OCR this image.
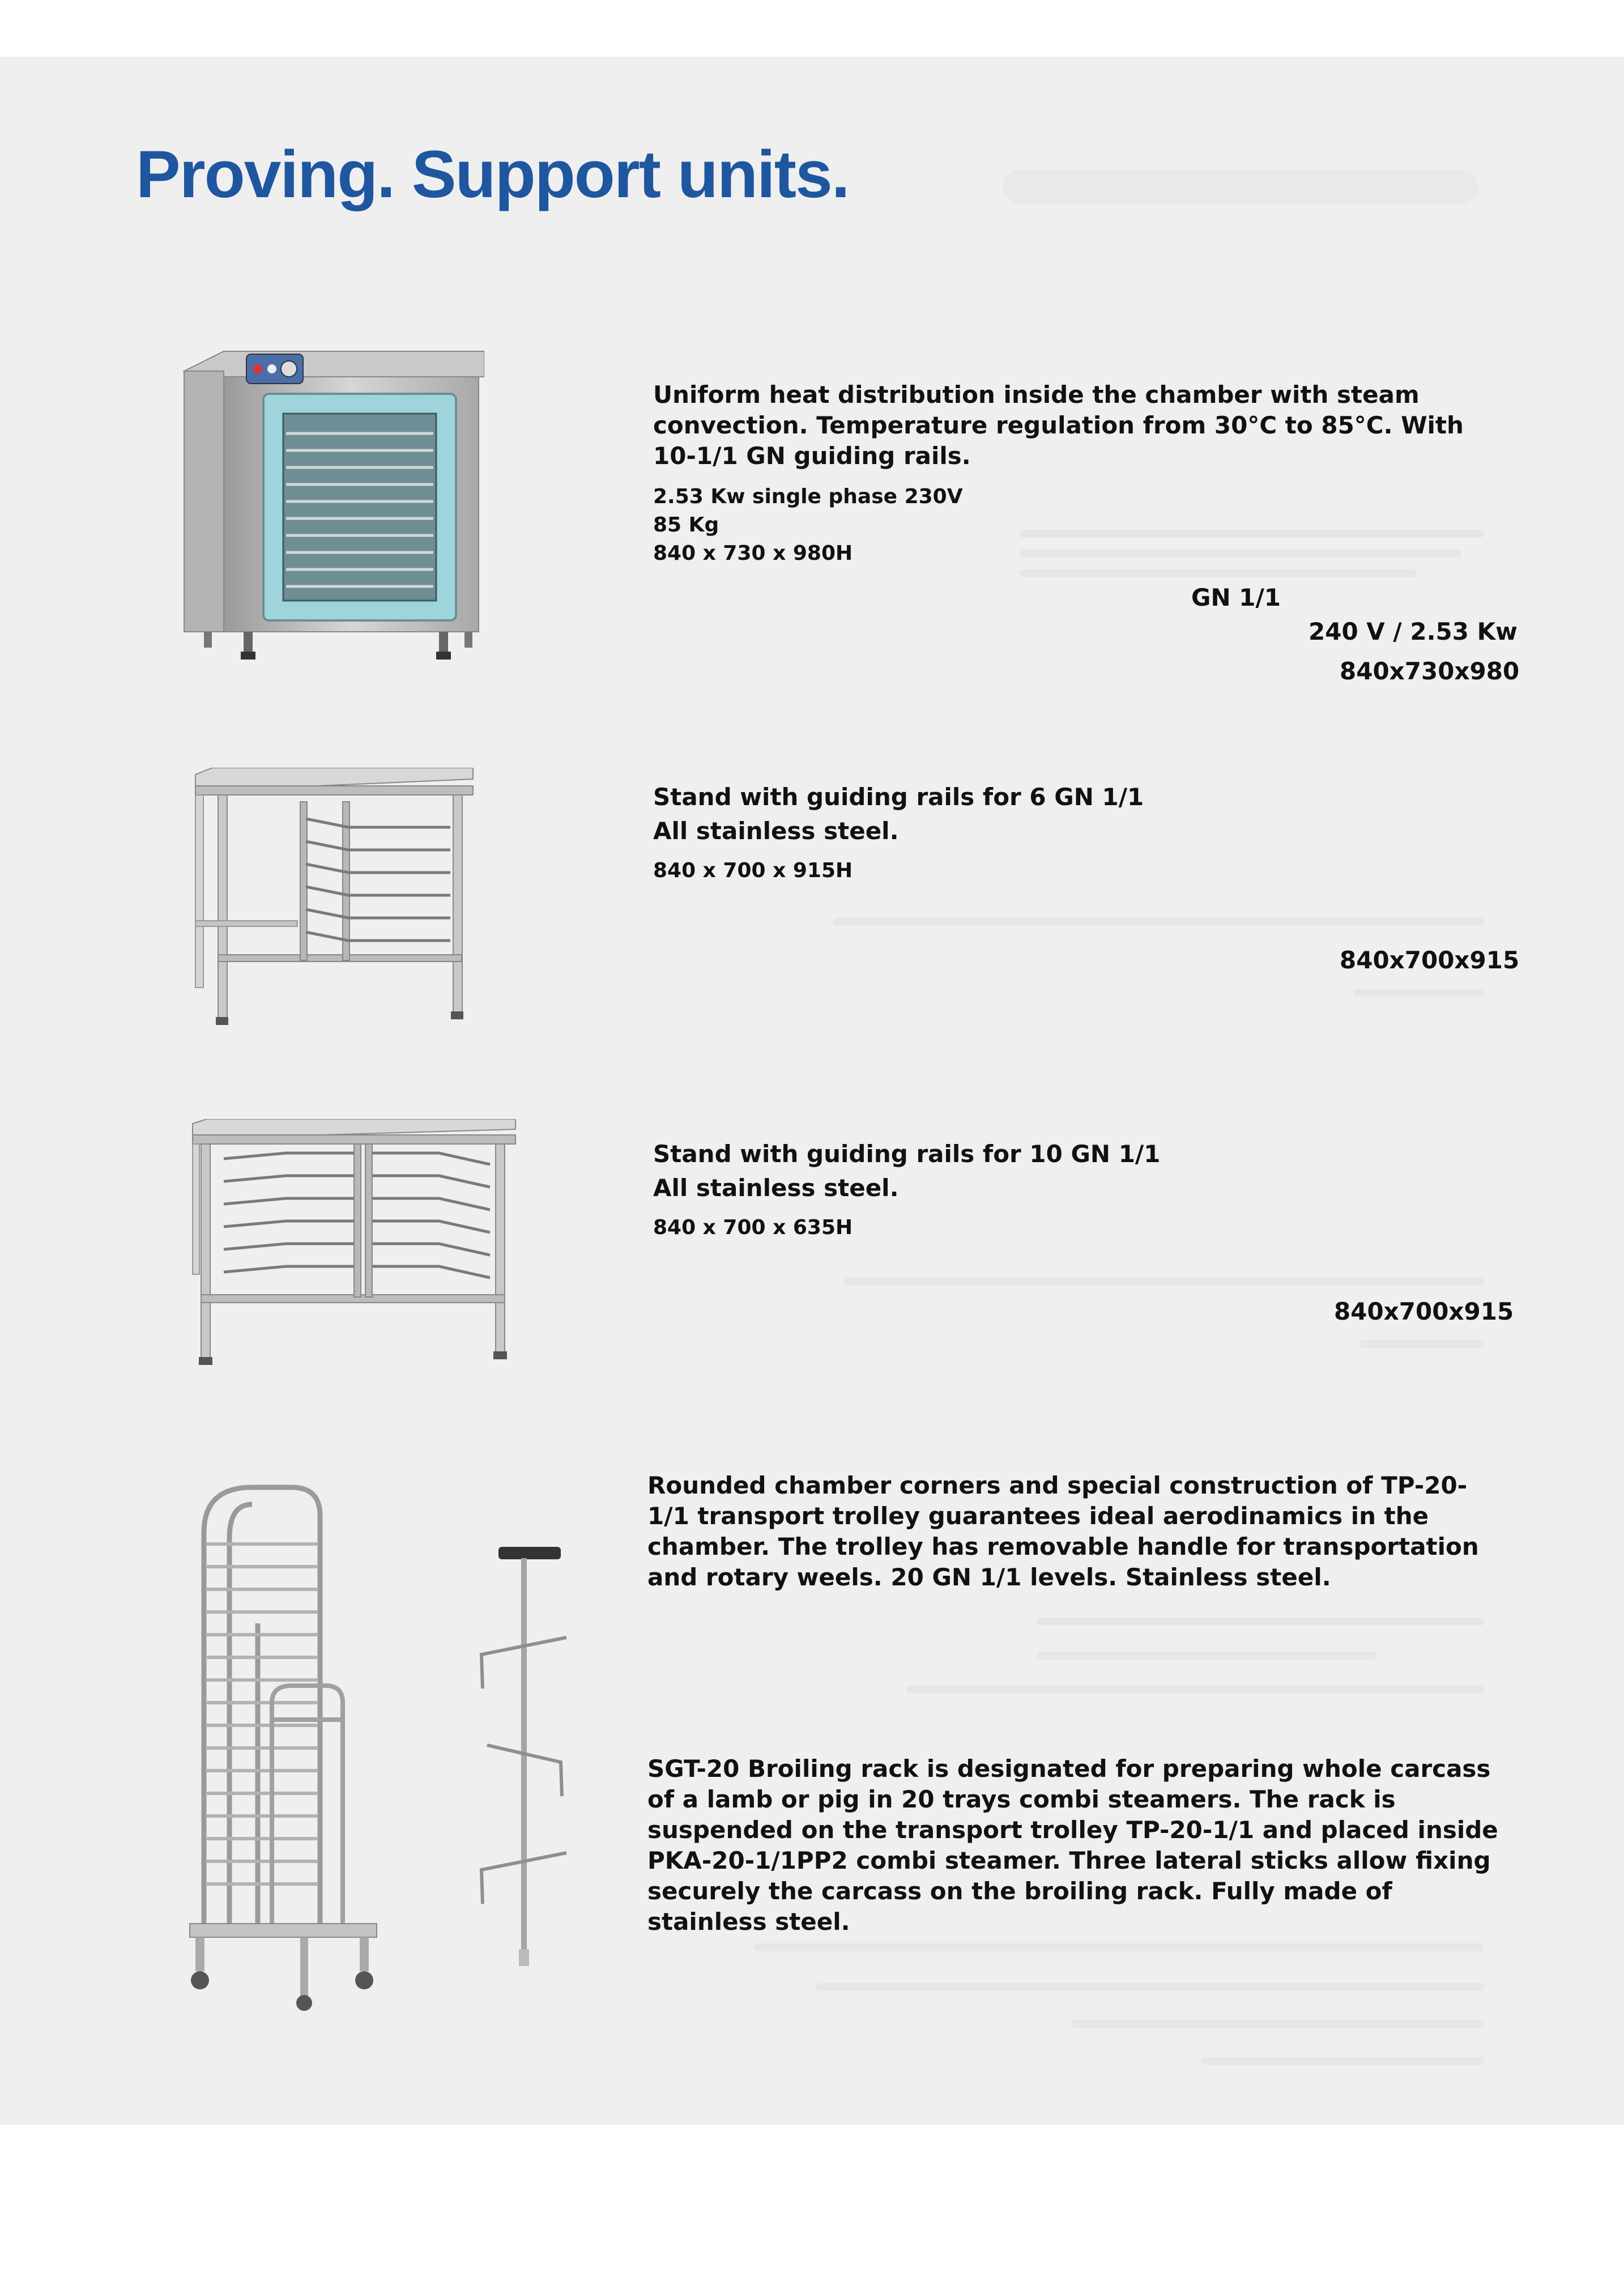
Proving. Support units.

Uniform heat distribution inside the chamber with steam convection. Temperature regulation from 30°C to 85°C. With 10-1/1 GN guiding rails.

2.53 Kw single phase 230V

85 Kg

840 x 730 x 980H

GN 1/1
240 V / 2.53 Kw
840x730x980

Stand with guiding rails for 6 GN 1/1

All stainless steel.

840 x 700 x 915H

840x700x915

Stand with guiding rails for 10 GN 1/1

All stainless steel.

840 x 700 x 635H

840x700x915

Rounded chamber corners and special construction of TP-20-1/1 transport trolley guarantees ideal aerodinamics in the chamber. The trolley has removable handle for transportation and rotary weels. 20 GN 1/1 levels. Stainless steel.

SGT-20 Broiling rack is designated for preparing whole carcass of a lamb or pig in 20 trays combi steamers. The rack is suspended on the transport trolley TP-20-1/1 and placed inside PKA-20-1/1PP2 combi steamer. Three lateral sticks allow fixing securely the carcass on the broiling rack. Fully made of stainless steel.
